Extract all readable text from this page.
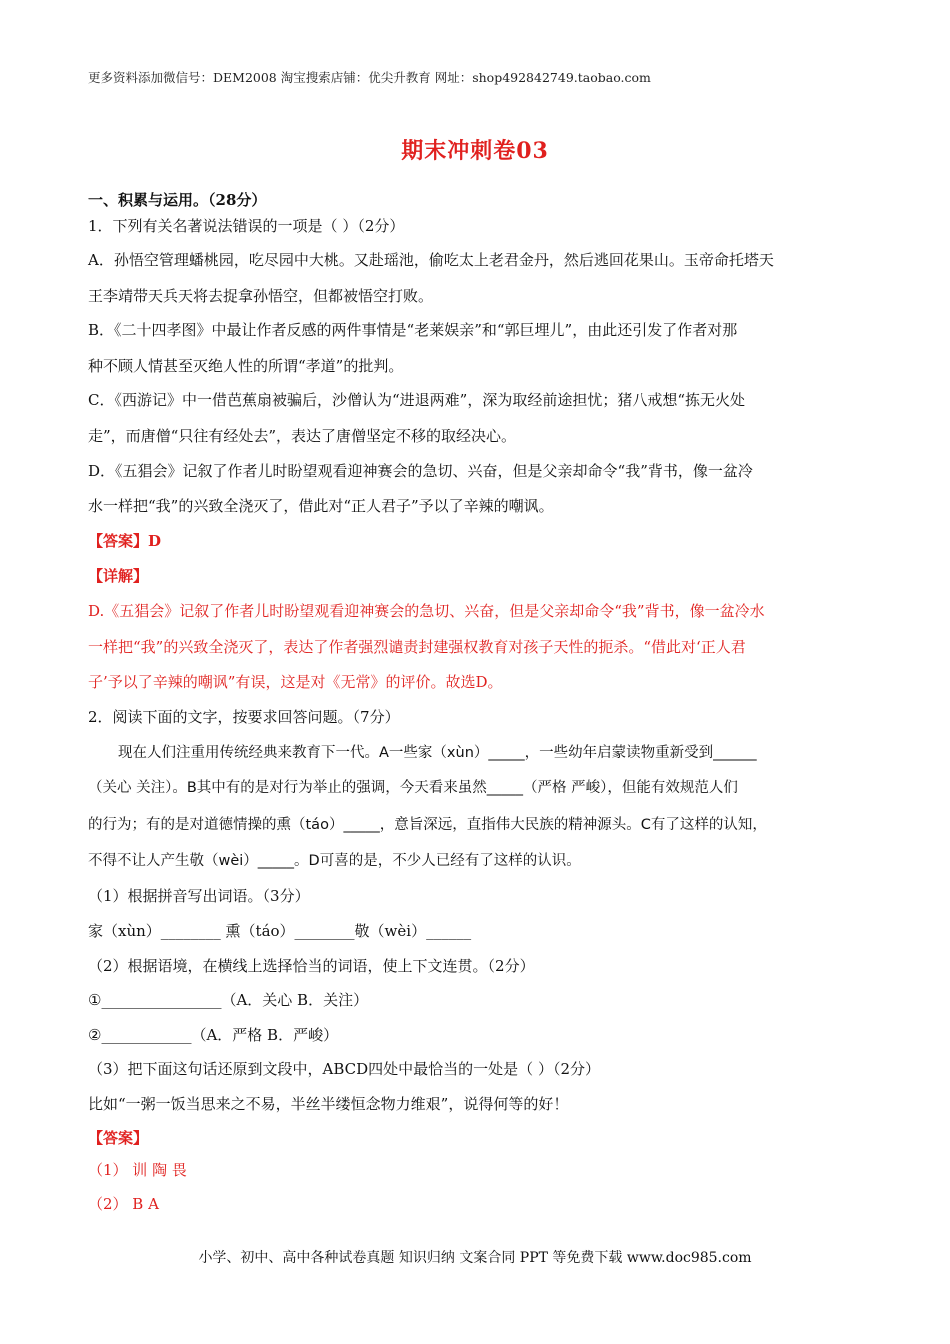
更多资料添加微信号：DEM2008 淘宝搜索店铺：优尖升教育 网址：shop492842749.taobao.com
期末冲刺卷03
一、积累与运用。（28分）
1．下列有关名著说法错误的一项是（ ）（2分）
A．孙悟空管理蟠桃园，吃尽园中大桃。又赴瑶池，偷吃太上老君金丹，然后逃回花果山。玉帝命托塔天
王李靖带天兵天将去捉拿孙悟空，但都被悟空打败。
B．《二十四孝图》中最让作者反感的两件事情是“老莱娱亲”和“郭巨埋儿”，由此还引发了作者对那
种不顾人情甚至灭绝人性的所谓“孝道”的批判。
C．《西游记》中一借芭蕉扇被骗后，沙僧认为“进退两难”，深为取经前途担忧；猪八戒想“拣无火处
走”，而唐僧“只往有经处去”，表达了唐僧坚定不移的取经决心。
D．《五猖会》记叙了作者儿时盼望观看迎神赛会的急切、兴奋，但是父亲却命令“我”背书，像一盆冷
水一样把“我”的兴致全浇灭了，借此对“正人君子”予以了辛辣的嘲讽。
【答案】D
【详解】
D.《五猖会》记叙了作者儿时盼望观看迎神赛会的急切、兴奋，但是父亲却命令“我”背书，像一盆冷水
一样把“我”的兴致全浇灭了，表达了作者强烈谴责封建强权教育对孩子天性的扼杀。“借此对‘正人君
子’予以了辛辣的嘲讽”有误，这是对《无常》的评价。故选D。
2．阅读下面的文字，按要求回答问题。（7分）
现在人们注重用传统经典来教育下一代。A一些家（xùn）_____，一些幼年启蒙读物重新受到______
（关心 关注）。B其中有的是对行为举止的强调，今天看来虽然_____（严格 严峻），但能有效规范人们
的行为；有的是对道德情操的熏（táo）_____，意旨深远，直指伟大民族的精神源头。C有了这样的认知，
不得不让人产生敬（wèi）_____。D可喜的是，不少人已经有了这样的认识。
（1）根据拼音写出词语。（3分）
家（xùn）________ 熏（táo）________敬（wèi）______
（2）根据语境，在横线上选择恰当的词语，使上下文连贯。（2分）
①________________（A．关心 B．关注）
②____________（A．严格 B．严峻）
（3）把下面这句话还原到文段中，ABCD四处中最恰当的一处是（ ）（2分）
比如“一粥一饭当思来之不易，半丝半缕恒念物力维艰”，说得何等的好！
【答案】
（1） 训 陶 畏
（2） B A
小学、初中、高中各种试卷真题 知识归纳 文案合同 PPT 等免费下载 www.doc985.com
